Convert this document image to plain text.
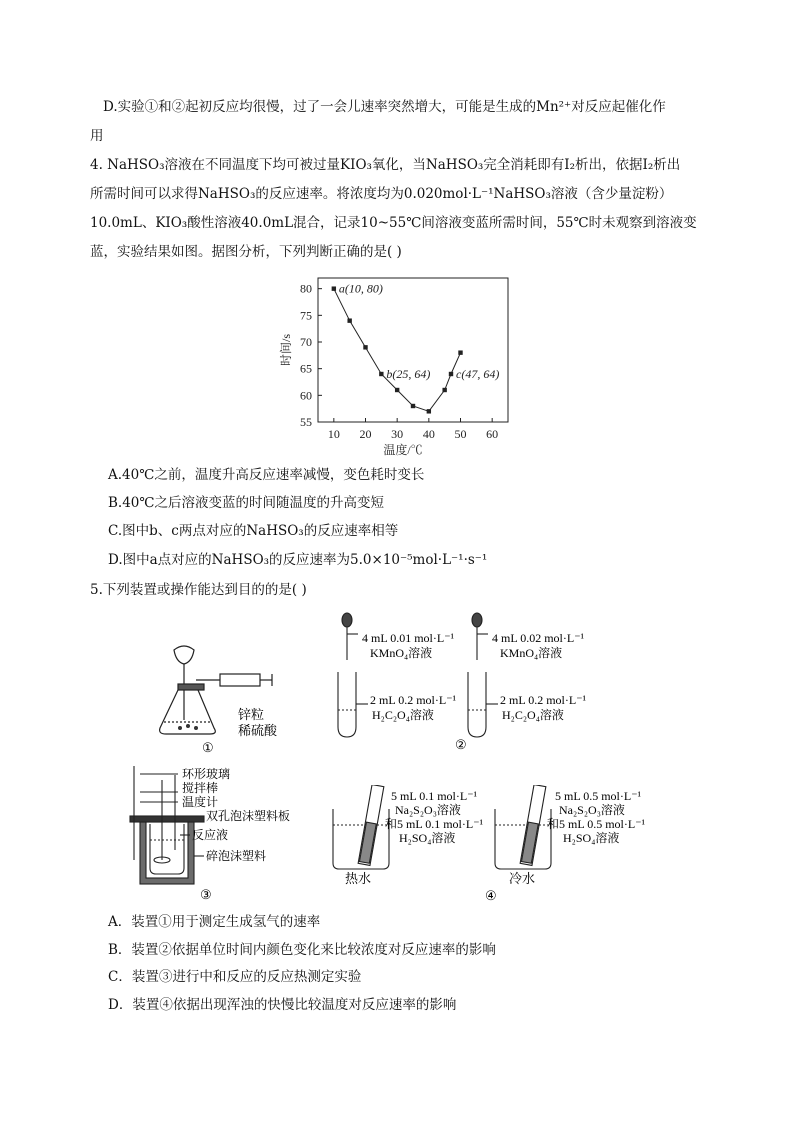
D.实验①和②起初反应均很慢，过了一会儿速率突然增大，可能是生成的Mn²⁺对反应起催化作
用
4. NaHSO₃溶液在不同温度下均可被过量KIO₃氧化，当NaHSO₃完全消耗即有I₂析出，依据I₂析出
所需时间可以求得NaHSO₃的反应速率。将浓度均为0.020mol·L⁻¹NaHSO₃溶液（含少量淀粉）
10.0mL、KIO₃酸性溶液40.0mL混合，记录10~55℃间溶液变蓝所需时间，55℃时未观察到溶液变
蓝，实验结果如图。据图分析，下列判断正确的是( )
10 20 30 40 50 60
55
60
65
70
75
80
温度/℃
时间/s
a(10, 80)
b(25, 64) c(47, 64)
A.40℃之前，温度升高反应速率减慢，变色耗时变长
B.40℃之后溶液变蓝的时间随温度的升高变短
C.图中b、c两点对应的NaHSO₃的反应速率相等
D.图中a点对应的NaHSO₃的反应速率为5.0×10⁻⁵mol·L⁻¹·s⁻¹
5.下列装置或操作能达到目的的是( )
锌粒
稀硫酸
①
4 mL 0.01 mol·L⁻¹
KMnO₄溶液
4 mL 0.02 mol·L⁻¹
KMnO₄溶液
2 mL 0.2 mol·L⁻¹
H₂C₂O₄溶液
2 mL 0.2 mol·L⁻¹
H₂C₂O₄溶液
②
环形玻璃
搅拌棒
温度计
双孔泡沫塑料板
反应液
碎泡沫塑料
③
5 mL 0.1 mol·L⁻¹
Na₂S₂O₃溶液
和5 mL 0.1 mol·L⁻¹
H₂SO₄溶液
5 mL 0.5 mol·L⁻¹
Na₂S₂O₃溶液
和5 mL 0.5 mol·L⁻¹
H₂SO₄溶液
热水	冷水
④
A．装置①用于测定生成氢气的速率
B．装置②依据单位时间内颜色变化来比较浓度对反应速率的影响
C．装置③进行中和反应的反应热测定实验
D．装置④依据出现浑浊的快慢比较温度对反应速率的影响
